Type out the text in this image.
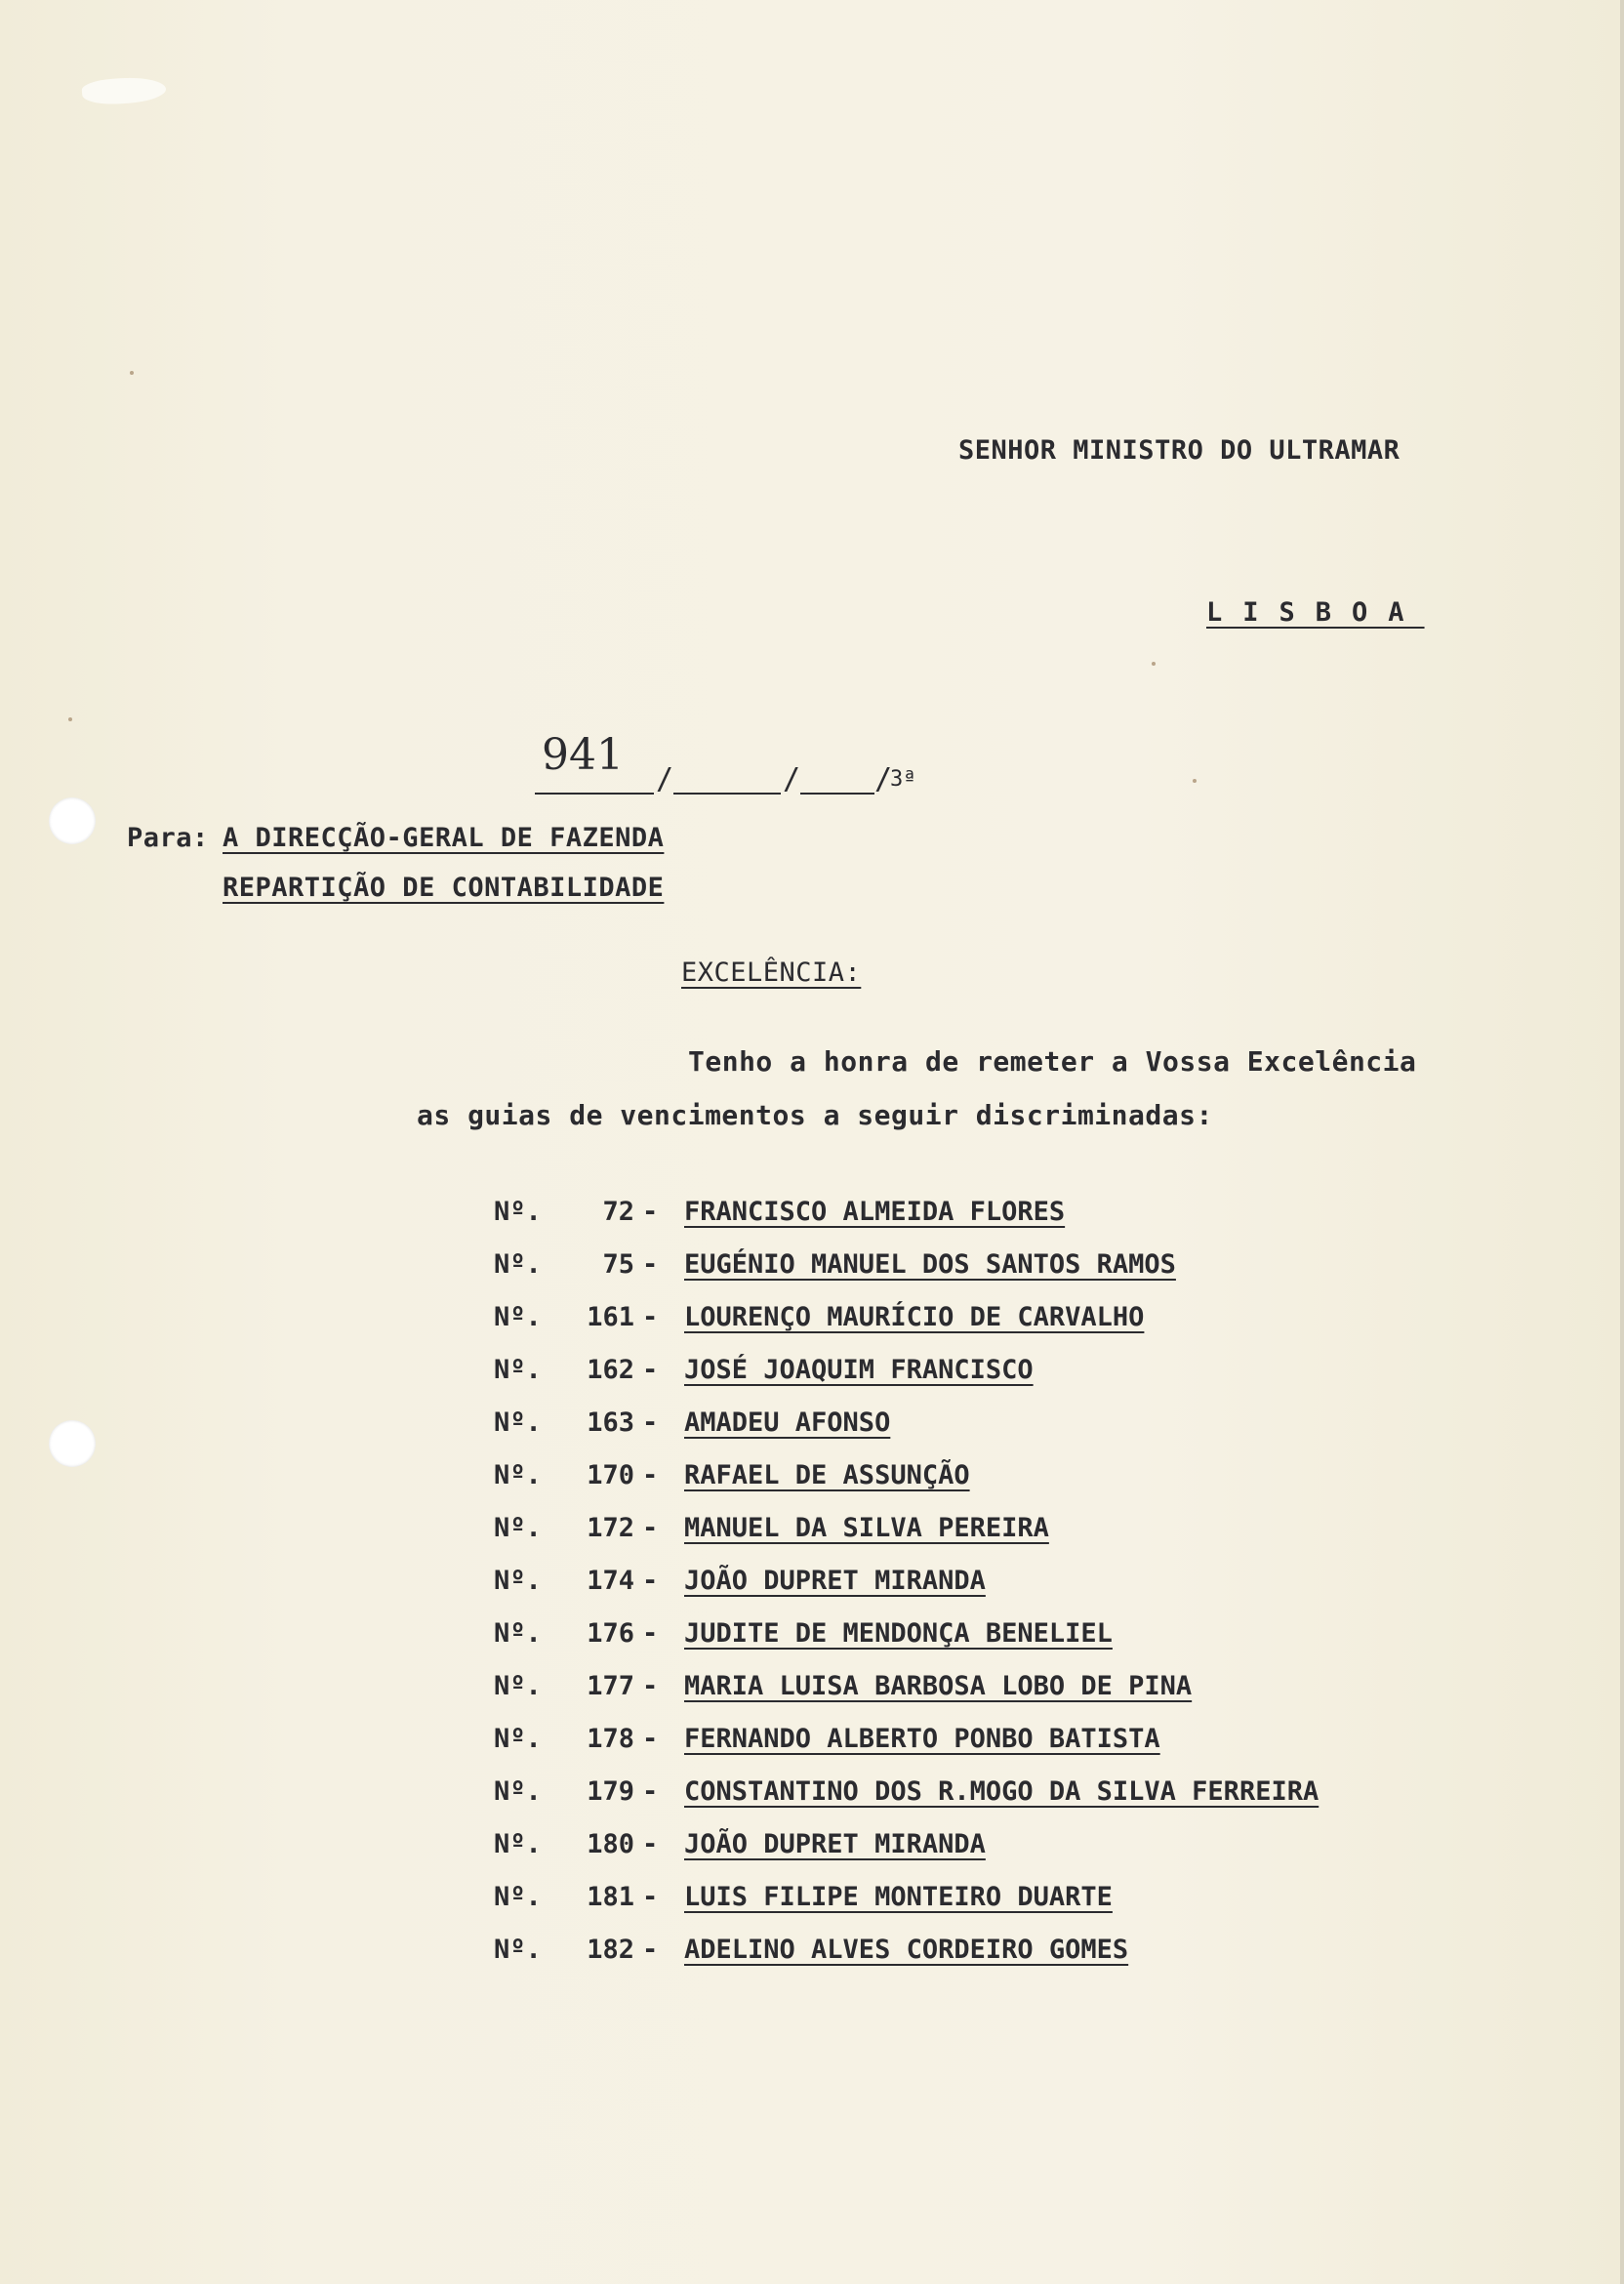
SENHOR MINISTRO DO ULTRAMAR
LISBOA
941 /	/	/
3ª
Para: A DIRECÇÃO-GERAL DE FAZENDA
REPARTIÇÃO DE CONTABILIDADE
EXCELÊNCIA:
Tenho a honra de remeter a Vossa Excelência
as guias de vencimentos a seguir discriminadas:
Nº.	72 - FRANCISCO ALMEIDA FLORES
Nº.	75 - EUGÉNIO MANUEL DOS SANTOS RAMOS
Nº.	161 - LOURENÇO MAURÍCIO DE CARVALHO
Nº.	162 - JOSÉ JOAQUIM FRANCISCO
Nº.	163 - AMADEU AFONSO
Nº.	170 - RAFAEL DE ASSUNÇÃO
Nº.	172 - MANUEL DA SILVA PEREIRA
Nº.	174 - JOÃO DUPRET MIRANDA
Nº.	176 - JUDITE DE MENDONÇA BENELIEL
Nº.	177 - MARIA LUISA BARBOSA LOBO DE PINA
Nº.	178 - FERNANDO ALBERTO PONBO BATISTA
Nº.	179 - CONSTANTINO DOS R.MOGO DA SILVA FERREIRA
Nº.	180 - JOÃO DUPRET MIRANDA
Nº.	181 - LUIS FILIPE MONTEIRO DUARTE
Nº.	182 - ADELINO ALVES CORDEIRO GOMES
